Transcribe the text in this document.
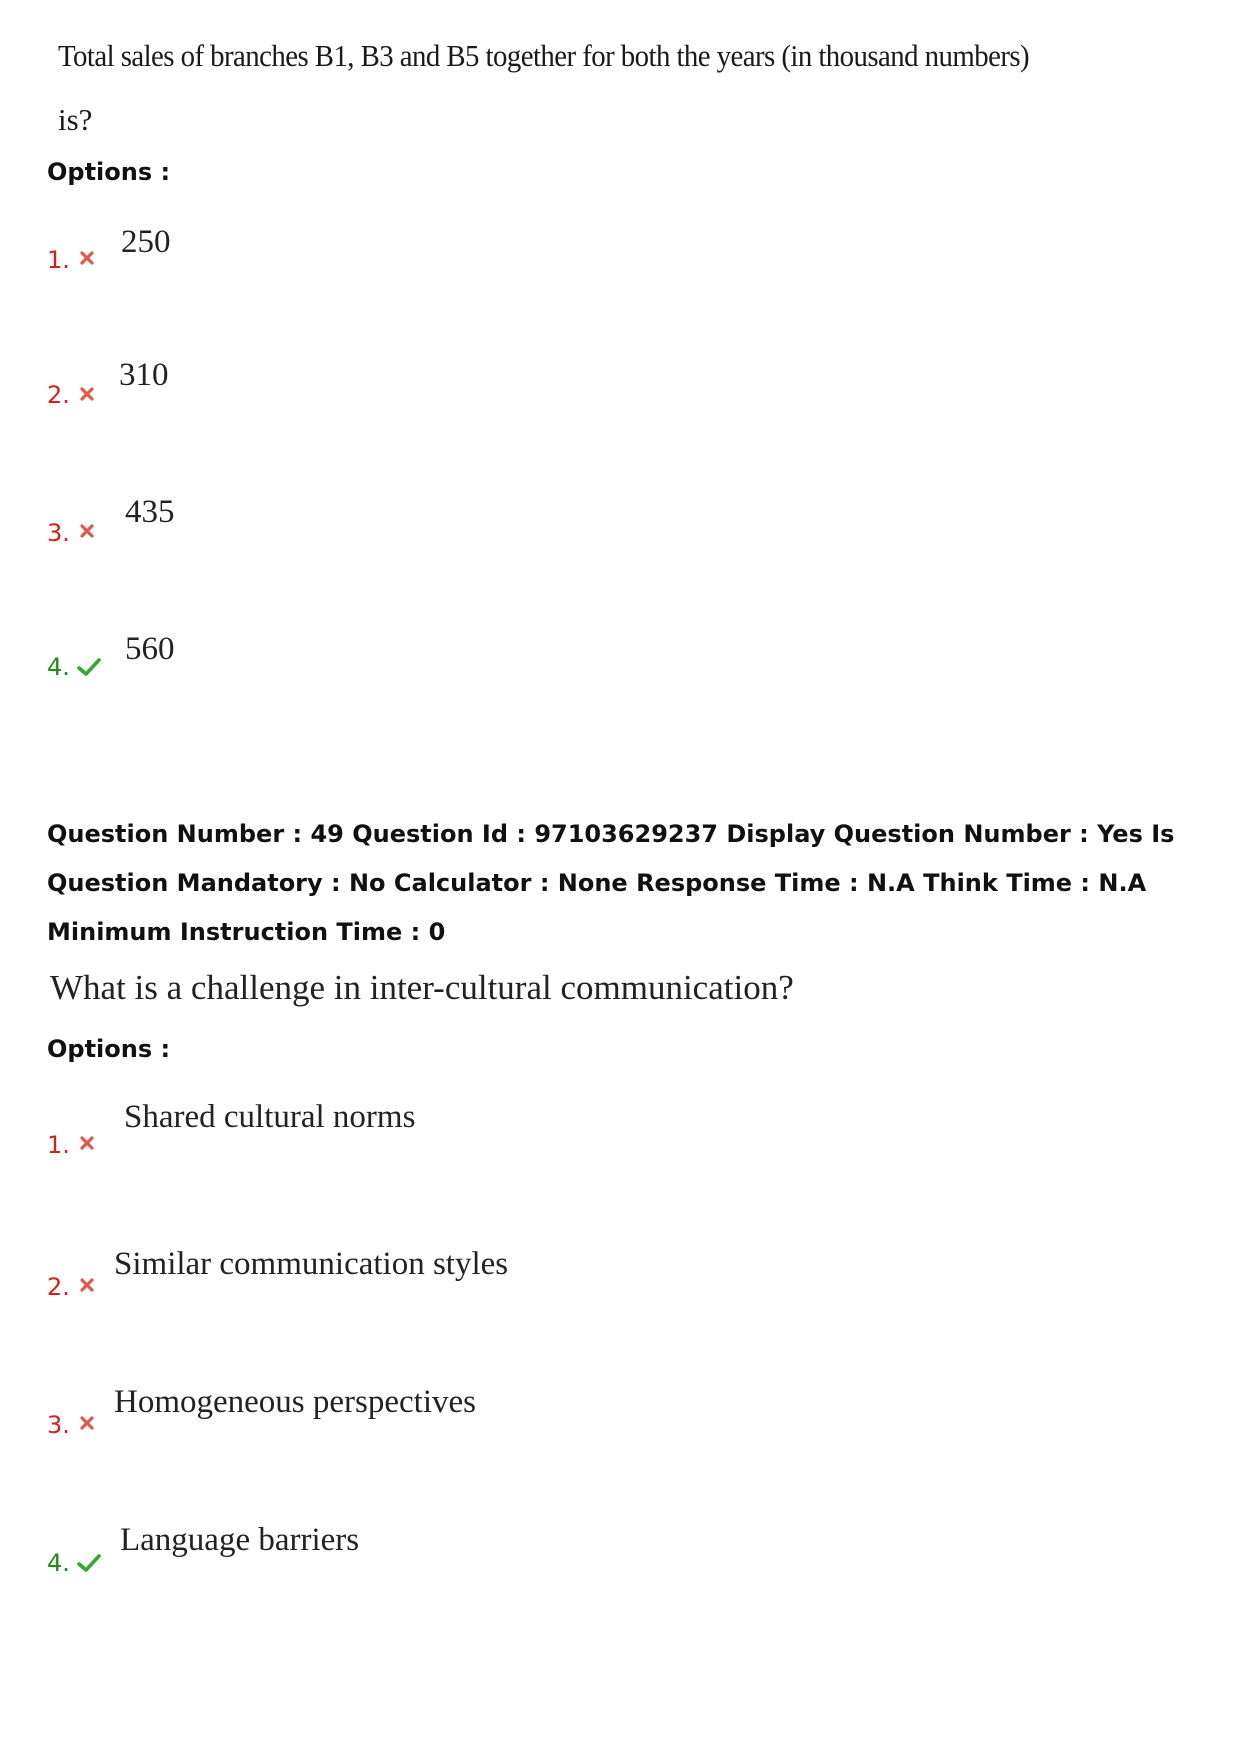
Total sales of branches B1, B3 and B5 together for both the years (in thousand numbers)
is?
Options :
1. 250
2.
310
3.
435
4. 560
Question Number : 49 Question Id : 97103629237 Display Question Number : Yes Is Question Mandatory : No Calculator : None Response Time : N.A Think Time : N.A Minimum Instruction Time : 0
What is a challenge in inter-cultural communication?
Options :
1.
Shared cultural norms
2.
Similar communication styles
3.
Homogeneous perspectives
4.
Language barriers
